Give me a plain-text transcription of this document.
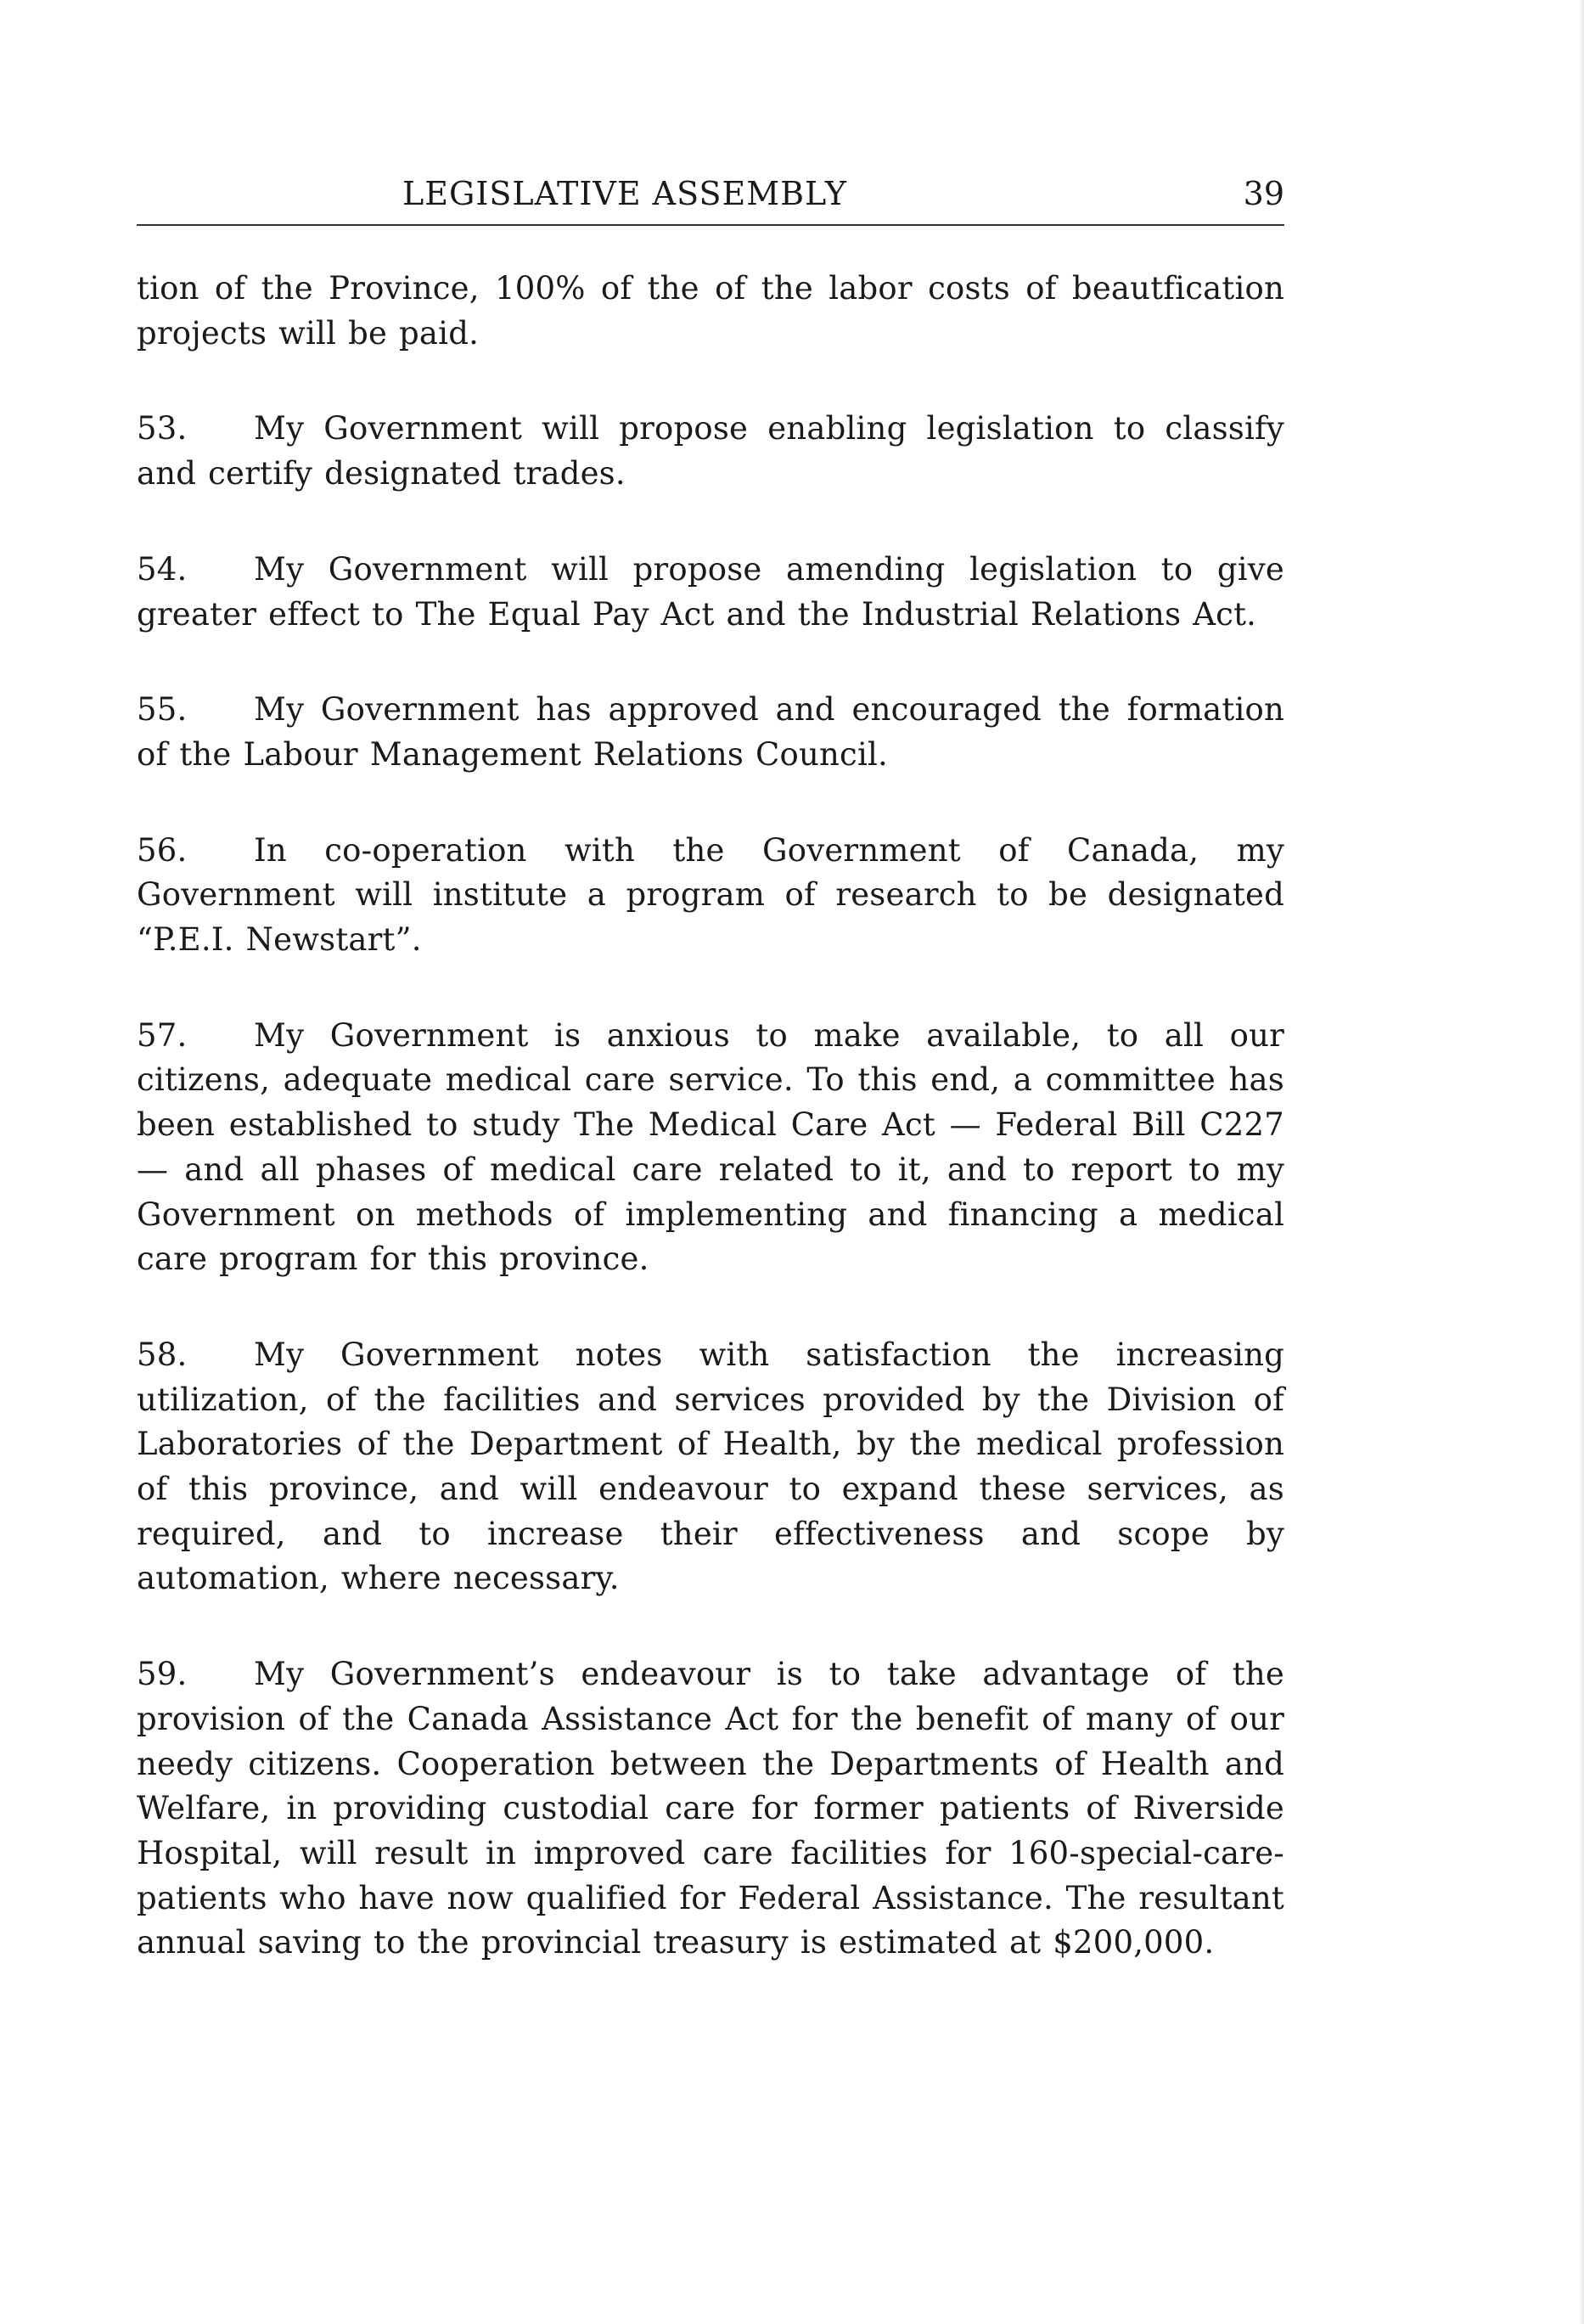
LEGISLATIVE ASSEMBLY	39

tion of the Province, 100% of the of the labor costs of beautfication projects will be paid.

53. My Government will propose enabling legislation to classify and certify designated trades.

54. My Government will propose amending legislation to give greater effect to The Equal Pay Act and the Industrial Relations Act.

55. My Government has approved and encouraged the formation of the Labour Management Relations Council.

56. In co-operation with the Government of Canada, my Government will institute a program of research to be designated “P.E.I. Newstart”.

57. My Government is anxious to make available, to all our citizens, adequate medical care service. To this end, a committee has been established to study The Medical Care Act — Federal Bill C227 — and all phases of medical care related to it, and to report to my Government on methods of implementing and financing a medical care program for this province.

58. My Government notes with satisfaction the increasing utilization, of the facilities and services provided by the Division of Laboratories of the Department of Health, by the medical profession of this province, and will endeavour to expand these services, as required, and to increase their effectiveness and scope by automation, where necessary.

59. My Government’s endeavour is to take advantage of the provision of the Canada Assistance Act for the benefit of many of our needy citizens. Cooperation between the Departments of Health and Welfare, in providing custodial care for former patients of Riverside Hospital, will result in improved care facilities for 160-special-care-patients who have now qualified for Federal Assistance. The resultant annual saving to the provincial treasury is estimated at $200,000.
